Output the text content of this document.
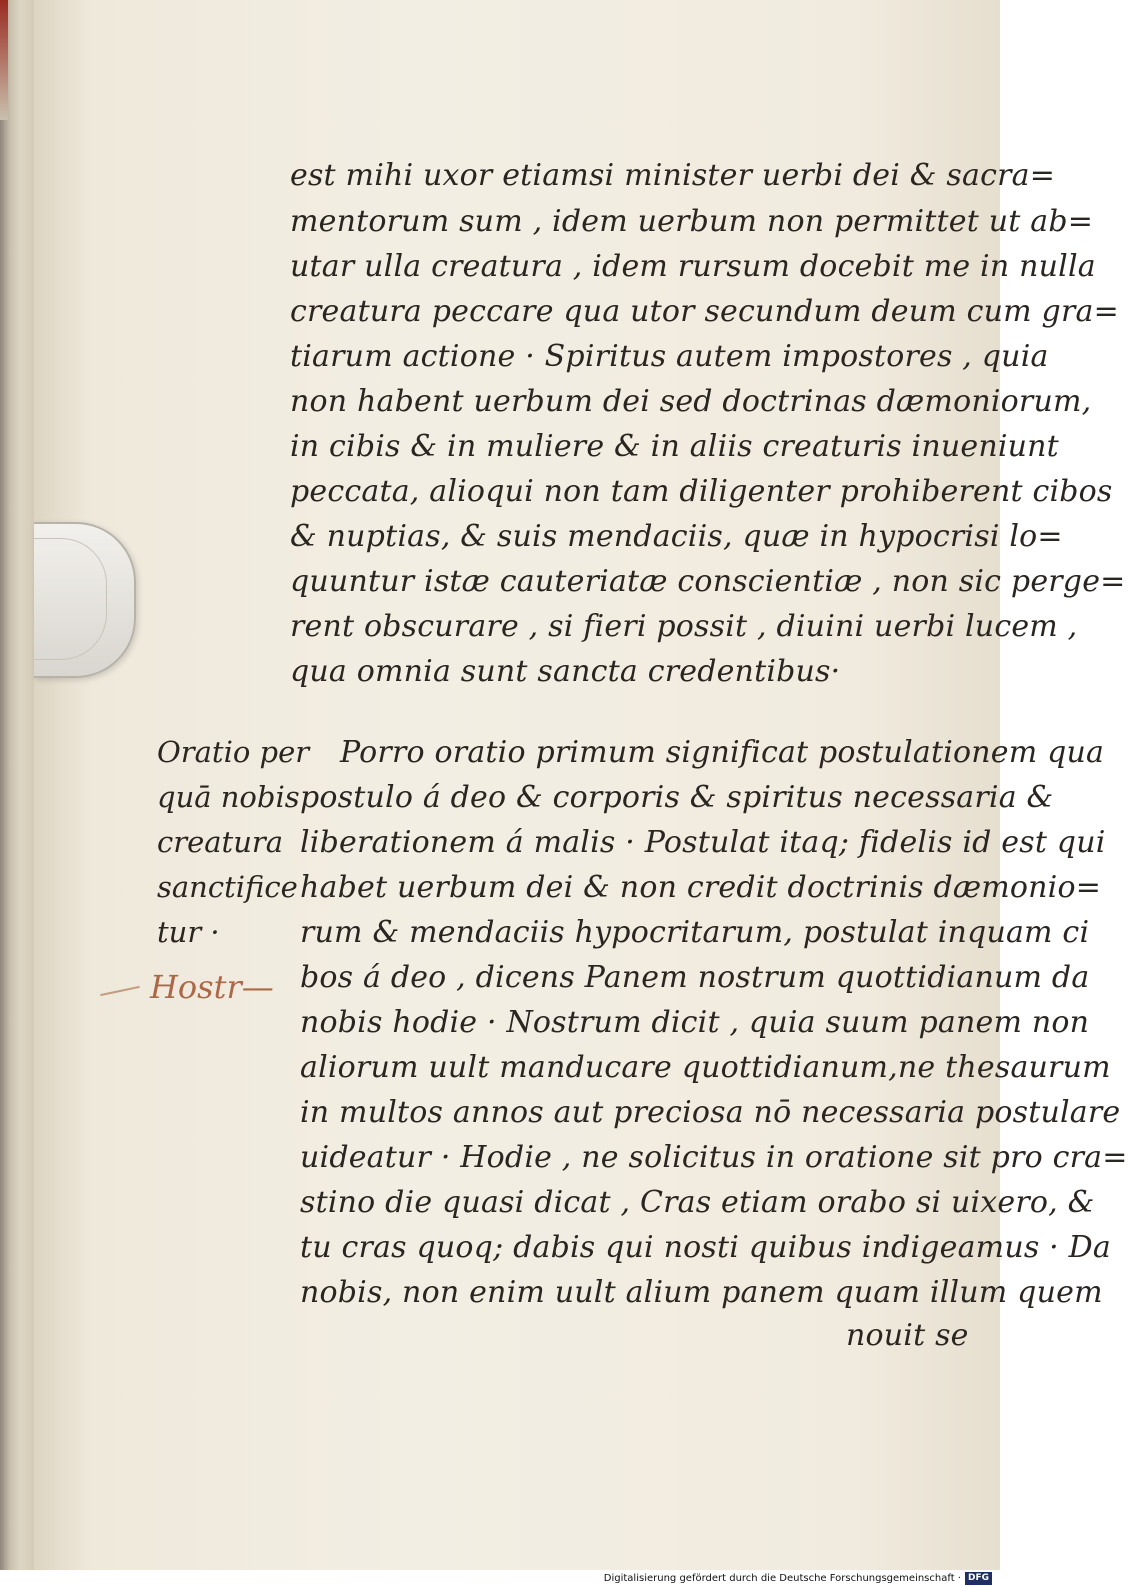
est mihi uxor etiamsi minister uerbi dei & sacra=
mentorum sum , idem uerbum non permittet ut ab=
utar ulla creatura , idem rursum docebit me in nulla
creatura peccare qua utor secundum deum cum gra=
tiarum actione · Spiritus autem impostores , quia
non habent uerbum dei sed doctrinas dæmoniorum,
in cibis & in muliere & in aliis creaturis inueniunt
peccata, alioqui non tam diligenter prohiberent cibos
& nuptias, & suis mendaciis, quæ in hypocrisi lo=
quuntur istæ cauteriatæ conscientiæ , non sic perge=
rent obscurare , si fieri possit , diuini uerbi lucem ,
qua omnia sunt sancta credentibus·
Porro oratio primum significat postulationem qua
postulo á deo & corporis & spiritus necessaria &
liberationem á malis · Postulat itaq; fidelis id est qui
habet uerbum dei & non credit doctrinis dæmonio=
rum & mendaciis hypocritarum, postulat inquam ci
bos á deo , dicens Panem nostrum quottidianum da
nobis hodie · Nostrum dicit , quia suum panem non
aliorum uult manducare quottidianum,ne thesaurum
in multos annos aut preciosa nō necessaria postulare
uideatur · Hodie , ne solicitus in oratione sit pro cra=
stino die quasi dicat , Cras etiam orabo si uixero, &
tu cras quoq; dabis qui nosti quibus indigeamus · Da
nobis, non enim uult alium panem quam illum quem
nouit se
Oratio per
quā nobis
creatura
sanctifice
tur ·
Hostr—
Digitalisierung gefördert durch die Deutsche Forschungsgemeinschaft · DFG
